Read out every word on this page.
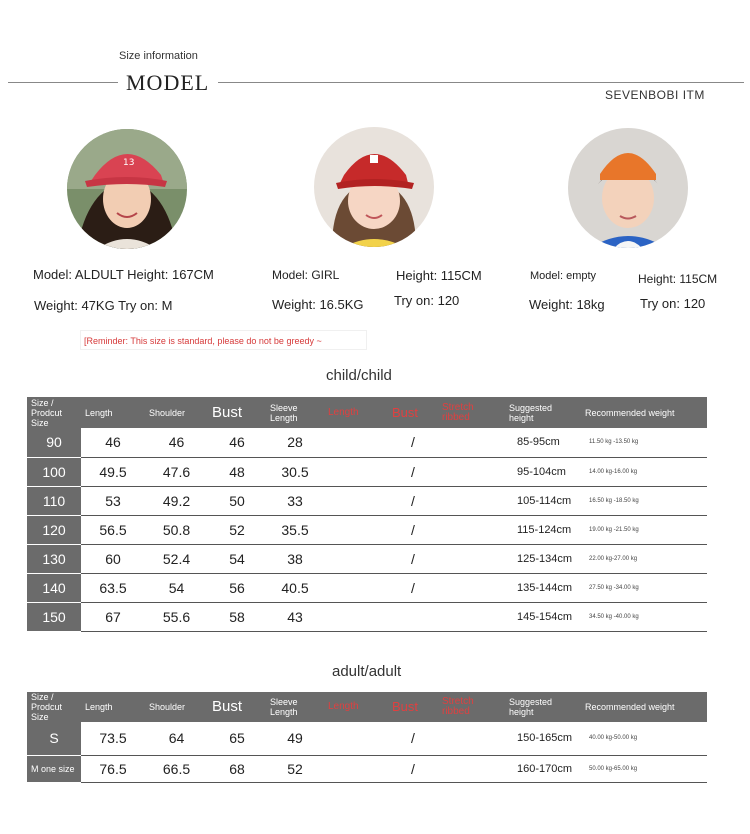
Size information
MODEL	SEVENBOBI ITM
13
Model: ALDULT Height: 167CM
Weight: 47KG Try on: M
Model: GIRL	Height: 115CM
Weight: 16.5KG Try on: 120
Model: empty	Height: 115CM
Weight: 18kg	Try on: 120
[Reminder: This size is standard, please do not be greedy ~
child/child
Size / Prodcut Size	Length	Shoulder	Bust	Sleeve Length	Length	Bust	Stretch ribbed	Suggested height	Recommended weight
90	46	46	46	28		/		85-95cm	11.50 kg -13.50 kg
100	49.5	47.6	48	30.5		/		95-104cm	14.00 kg-16.00 kg
110	53	49.2	50	33		/		105-114cm	16.50 kg -18.50 kg
120	56.5	50.8	52	35.5		/		115-124cm	19.00 kg -21.50 kg
130	60	52.4	54	38		/		125-134cm	22.00 kg-27.00 kg
140	63.5	54	56	40.5		/		135-144cm	27.50 kg -34.00 kg
150	67	55.6	58	43				145-154cm	34.50 kg -40.00 kg
adult/adult
Size / Prodcut Size	Length	Shoulder	Bust	Sleeve Length	Length	Bust	Stretch ribbed	Suggested height	Recommended weight
S	73.5	64	65	49		/		150-165cm	40.00 kg-50.00 kg
M one size	76.5	66.5	68	52		/		160-170cm	50.00 kg-65.00 kg
